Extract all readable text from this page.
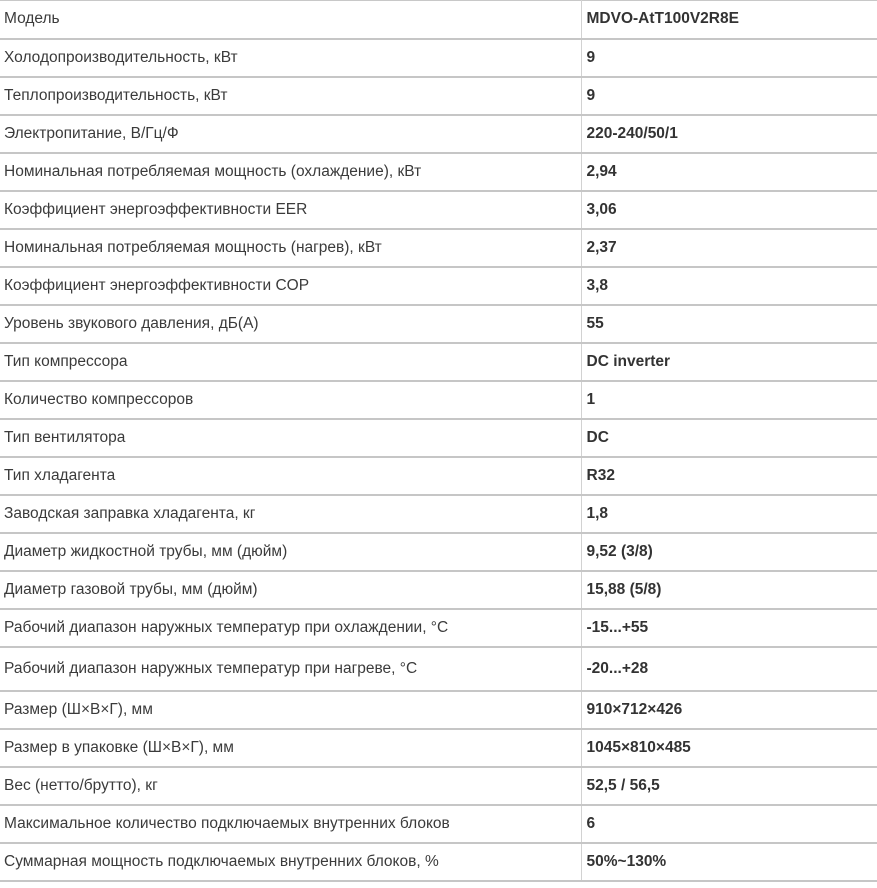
Модель	MDVO-AtT100V2R8E
Холодопроизводительность, кВт	9
Теплопроизводительность, кВт	9
Электропитание, В/Гц/Ф	220-240/50/1
Номинальная потребляемая мощность (охлаждение), кВт	2,94
Коэффициент энергоэффективности EER	3,06
Номинальная потребляемая мощность (нагрев), кВт	2,37
Коэффициент энергоэффективности COP	3,8
Уровень звукового давления, дБ(А)	55
Тип компрессора	DC inverter
Количество компрессоров	1
Тип вентилятора	DC
Тип хладагента	R32
Заводская заправка хладагента, кг	1,8
Диаметр жидкостной трубы, мм (дюйм)	9,52 (3/8)
Диаметр газовой трубы, мм (дюйм)	15,88 (5/8)
Рабочий диапазон наружных температур при охлаждении, °C	-15...+55
Рабочий диапазон наружных температур при нагреве, °C	-20...+28
Размер (Ш×В×Г), мм	910×712×426
Размер в упаковке (Ш×В×Г), мм	1045×810×485
Вес (нетто/брутто), кг	52,5 / 56,5
Максимальное количество подключаемых внутренних блоков	6
Суммарная мощность подключаемых внутренних блоков, %	50%~130%
